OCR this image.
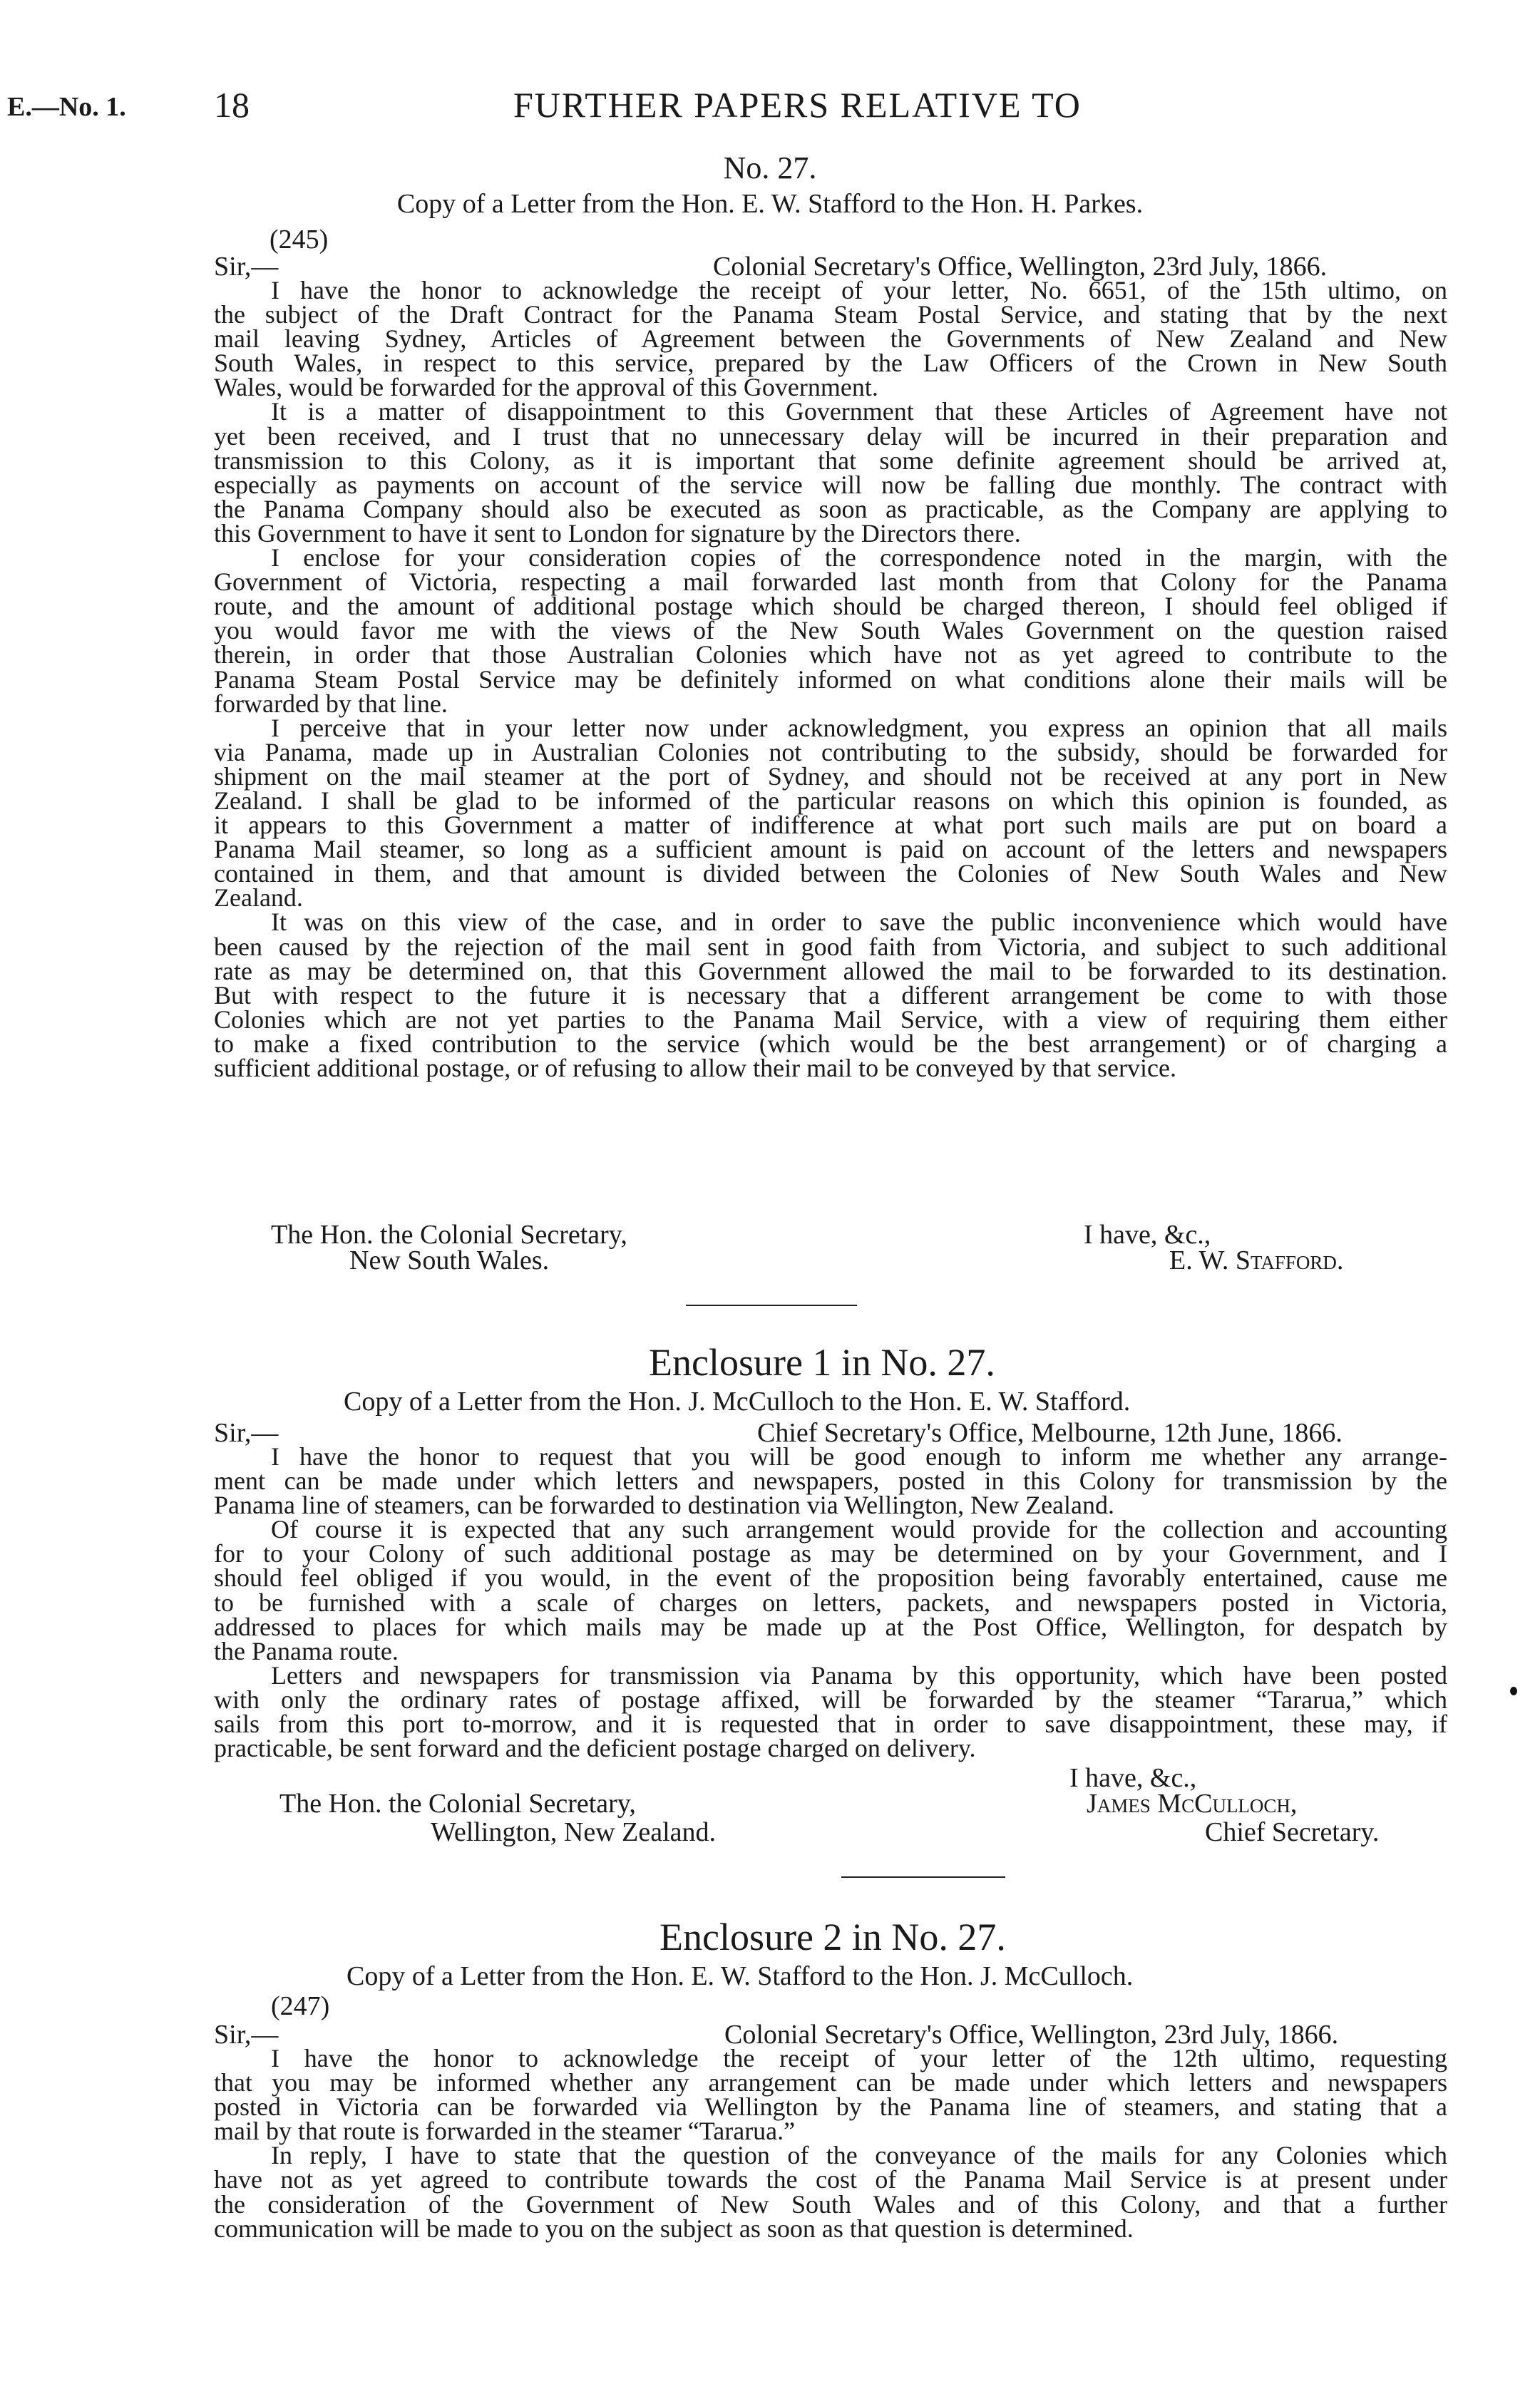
E.—No. 1. 18	FURTHER PAPERS RELATIVE TO
No. 27.
Copy of a Letter from the Hon. E. W. Stafford to the Hon. H. Parkes.
(245)
Sir,—	Colonial Secretary's Office, Wellington, 23rd July, 1866.
I have the honor to acknowledge the receipt of your letter, No. 6651, of the 15th ultimo, on
the subject of the Draft Contract for the Panama Steam Postal Service, and stating that by the next
mail leaving Sydney, Articles of Agreement between the Governments of New Zealand and New
South Wales, in respect to this service, prepared by the Law Officers of the Crown in New South
Wales, would be forwarded for the approval of this Government.
It is a matter of disappointment to this Government that these Articles of Agreement have not
yet been received, and I trust that no unnecessary delay will be incurred in their preparation and
transmission to this Colony, as it is important that some definite agreement should be arrived at,
especially as payments on account of the service will now be falling due monthly. The contract with
the Panama Company should also be executed as soon as practicable, as the Company are applying to
this Government to have it sent to London for signature by the Directors there.
I enclose for your consideration copies of the correspondence noted in the margin, with the
Government of Victoria, respecting a mail forwarded last month from that Colony for the Panama
route, and the amount of additional postage which should be charged thereon, I should feel obliged if
you would favor me with the views of the New South Wales Government on the question raised
therein, in order that those Australian Colonies which have not as yet agreed to contribute to the
Panama Steam Postal Service may be definitely informed on what conditions alone their mails will be
forwarded by that line.
I perceive that in your letter now under acknowledgment, you express an opinion that all mails
via Panama, made up in Australian Colonies not contributing to the subsidy, should be forwarded for
shipment on the mail steamer at the port of Sydney, and should not be received at any port in New
Zealand. I shall be glad to be informed of the particular reasons on which this opinion is founded, as
it appears to this Government a matter of indifference at what port such mails are put on board a
Panama Mail steamer, so long as a sufficient amount is paid on account of the letters and newspapers
contained in them, and that amount is divided between the Colonies of New South Wales and New
Zealand.
It was on this view of the case, and in order to save the public inconvenience which would have
been caused by the rejection of the mail sent in good faith from Victoria, and subject to such additional
rate as may be determined on, that this Government allowed the mail to be forwarded to its destination.
But with respect to the future it is necessary that a different arrangement be come to with those
Colonies which are not yet parties to the Panama Mail Service, with a view of requiring them either
to make a fixed contribution to the service (which would be the best arrangement) or of charging a
sufficient additional postage, or of refusing to allow their mail to be conveyed by that service.
The Hon. the Colonial Secretary,	I have, &c.,
New South Wales.	E. W. Stafford.
Enclosure 1 in No. 27.
Copy of a Letter from the Hon. J. McCulloch to the Hon. E. W. Stafford.
Sir,—	Chief Secretary's Office, Melbourne, 12th June, 1866.
I have the honor to request that you will be good enough to inform me whether any arrange-
ment can be made under which letters and newspapers, posted in this Colony for transmission by the
Panama line of steamers, can be forwarded to destination via Wellington, New Zealand.
Of course it is expected that any such arrangement would provide for the collection and accounting
for to your Colony of such additional postage as may be determined on by your Government, and I
should feel obliged if you would, in the event of the proposition being favorably entertained, cause me
to be furnished with a scale of charges on letters, packets, and newspapers posted in Victoria,
addressed to places for which mails may be made up at the Post Office, Wellington, for despatch by
the Panama route.
Letters and newspapers for transmission via Panama by this opportunity, which have been posted
with only the ordinary rates of postage affixed, will be forwarded by the steamer “Tararua,” which
sails from this port to-morrow, and it is requested that in order to save disappointment, these may, if
practicable, be sent forward and the deficient postage charged on delivery.
I have, &c.,
The Hon. the Colonial Secretary,	James McCulloch,
Wellington, New Zealand.	Chief Secretary.
Enclosure 2 in No. 27.
Copy of a Letter from the Hon. E. W. Stafford to the Hon. J. McCulloch.
(247)
Sir,—	Colonial Secretary's Office, Wellington, 23rd July, 1866.
I have the honor to acknowledge the receipt of your letter of the 12th ultimo, requesting
that you may be informed whether any arrangement can be made under which letters and newspapers
posted in Victoria can be forwarded via Wellington by the Panama line of steamers, and stating that a
mail by that route is forwarded in the steamer “Tararua.”
In reply, I have to state that the question of the conveyance of the mails for any Colonies which
have not as yet agreed to contribute towards the cost of the Panama Mail Service is at present under
the consideration of the Government of New South Wales and of this Colony, and that a further
communication will be made to you on the subject as soon as that question is determined.
